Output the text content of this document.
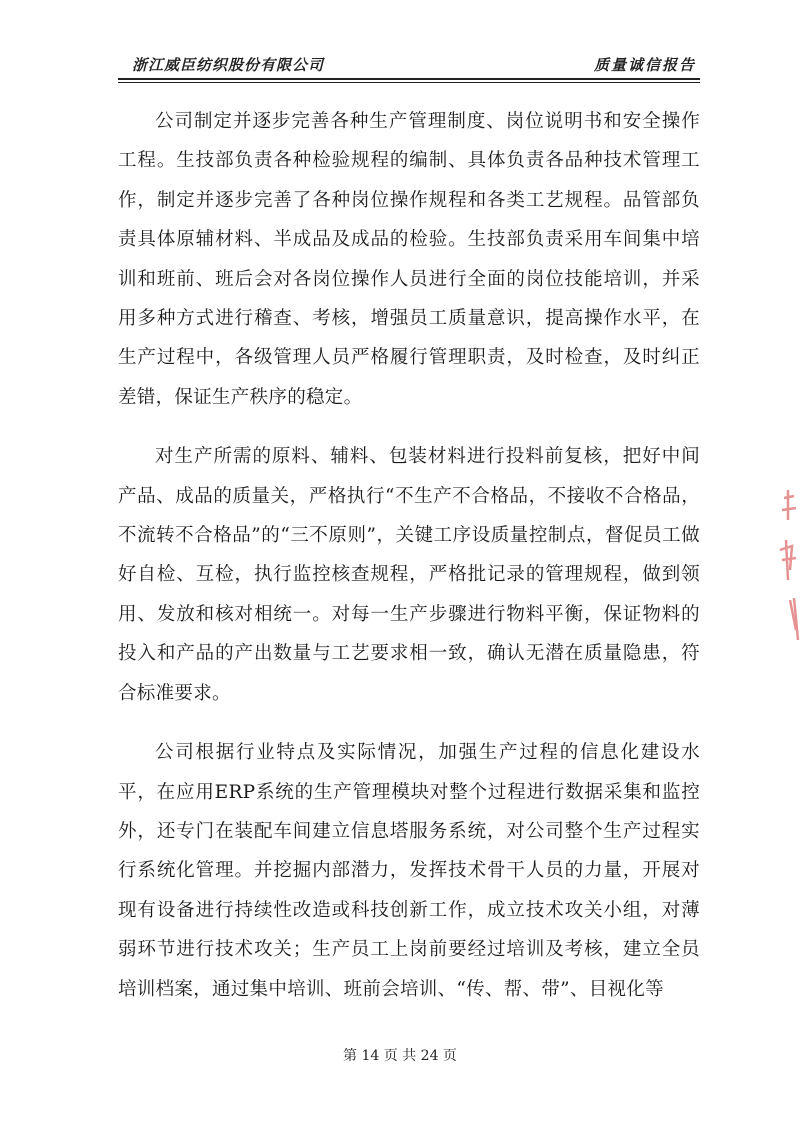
浙江威臣纺织股份有限公司	质量诚信报告

公司制定并逐步完善各种生产管理制度、岗位说明书和安全操作工程。生技部负责各种检验规程的编制、具体负责各品种技术管理工作，制定并逐步完善了各种岗位操作规程和各类工艺规程。品管部负责具体原辅材料、半成品及成品的检验。生技部负责采用车间集中培训和班前、班后会对各岗位操作人员进行全面的岗位技能培训，并采用多种方式进行稽查、考核，增强员工质量意识，提高操作水平，在生产过程中，各级管理人员严格履行管理职责，及时检查，及时纠正差错，保证生产秩序的稳定。

对生产所需的原料、辅料、包装材料进行投料前复核，把好中间产品、成品的质量关，严格执行“不生产不合格品，不接收不合格品，不流转不合格品”的“三不原则”，关键工序设质量控制点，督促员工做好自检、互检，执行监控核查规程，严格批记录的管理规程，做到领用、发放和核对相统一。对每一生产步骤进行物料平衡，保证物料的投入和产品的产出数量与工艺要求相一致，确认无潜在质量隐患，符合标准要求。

公司根据行业特点及实际情况，加强生产过程的信息化建设水平，在应用ERP系统的生产管理模块对整个过程进行数据采集和监控外，还专门在装配车间建立信息塔服务系统，对公司整个生产过程实行系统化管理。并挖掘内部潜力，发挥技术骨干人员的力量，开展对现有设备进行持续性改造或科技创新工作，成立技术攻关小组，对薄弱环节进行技术攻关；生产员工上岗前要经过培训及考核，建立全员培训档案，通过集中培训、班前会培训、“传、帮、带”、目视化等

第 14 页 共 24 页
